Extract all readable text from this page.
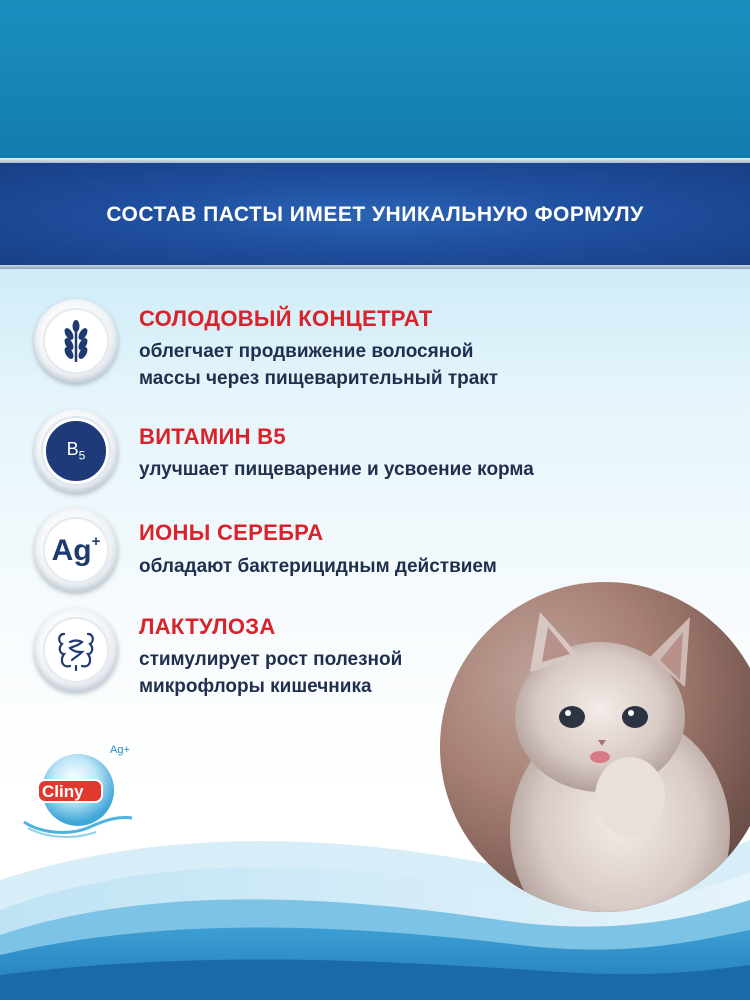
СОСТАВ ПАСТЫ ИМЕЕТ УНИКАЛЬНУЮ ФОРМУЛУ
СОЛОДОВЫЙ КОНЦЕТРАТ
облегчает продвижение волосяной
массы через пищеварительный тракт
$B_5$
ВИТАМИН B5
улучшает пищеварение и усвоение корма
Ag+ ИОНЫ СЕРЕБРА
обладают бактерицидным действием
ЛАКТУЛОЗА
стимулирует рост полезной
микрофлоры кишечника
Cliny
Ag+
